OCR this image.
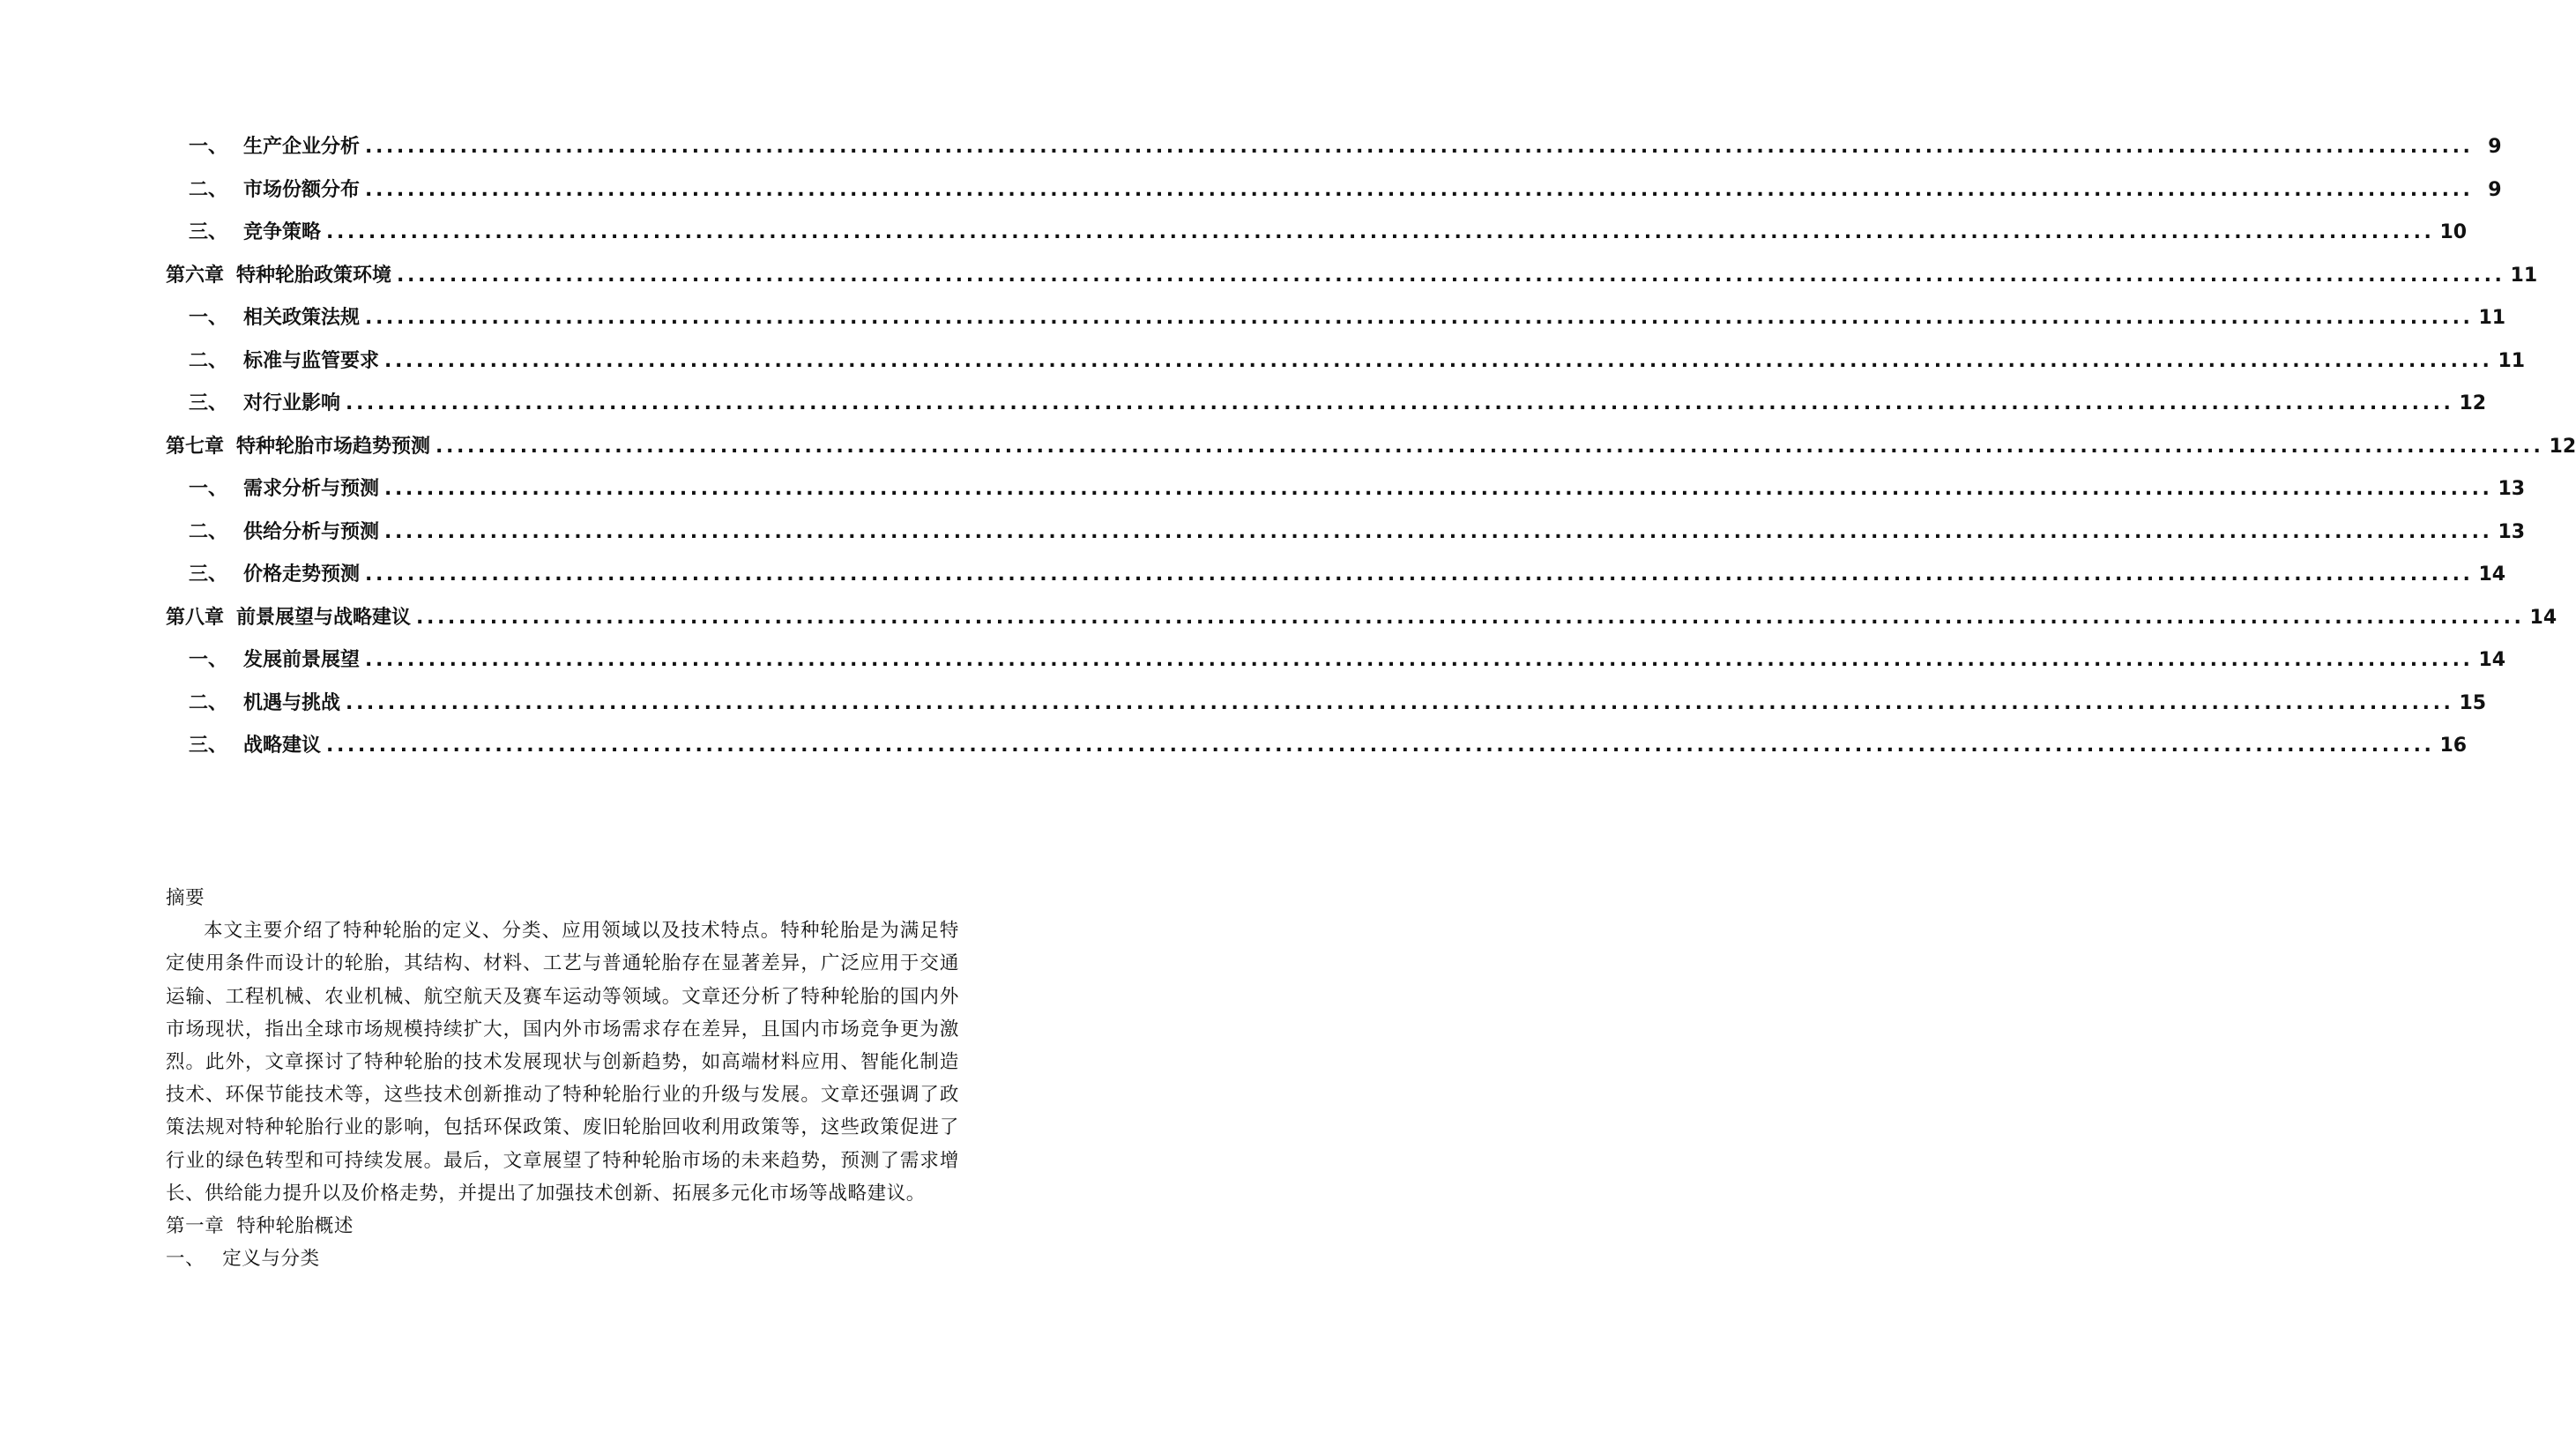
一、 生产企业分析 ........................................................................................................................................................................................................ 9
二、 市场份额分布 ........................................................................................................................................................................................................ 9
三、 竞争策略 ........................................................................................................................................................................................................ 10
第六章 特种轮胎政策环境 ........................................................................................................................................................................................................ 11
一、 相关政策法规 ........................................................................................................................................................................................................ 11
二、 标准与监管要求 ........................................................................................................................................................................................................ 11
三、 对行业影响 ........................................................................................................................................................................................................ 12
第七章 特种轮胎市场趋势预测 ........................................................................................................................................................................................................ 12
一、 需求分析与预测 ........................................................................................................................................................................................................ 13
二、 供给分析与预测 ........................................................................................................................................................................................................ 13
三、 价格走势预测 ........................................................................................................................................................................................................ 14
第八章 前景展望与战略建议 ........................................................................................................................................................................................................ 14
一、 发展前景展望 ........................................................................................................................................................................................................ 14
二、 机遇与挑战 ........................................................................................................................................................................................................ 15
三、 战略建议 ........................................................................................................................................................................................................ 16

摘要

本文主要介绍了特种轮胎的定义、分类、应用领域以及技术特点。特种轮胎是为满足特定使用条件而设计的轮胎，其结构、材料、工艺与普通轮胎存在显著差异，广泛应用于交通运输、工程机械、农业机械、航空航天及赛车运动等领域。文章还分析了特种轮胎的国内外市场现状，指出全球市场规模持续扩大，国内外市场需求存在差异，且国内市场竞争更为激烈。此外，文章探讨了特种轮胎的技术发展现状与创新趋势，如高端材料应用、智能化制造技术、环保节能技术等，这些技术创新推动了特种轮胎行业的升级与发展。文章还强调了政策法规对特种轮胎行业的影响，包括环保政策、废旧轮胎回收利用政策等，这些政策促进了行业的绿色转型和可持续发展。最后，文章展望了特种轮胎市场的未来趋势，预测了需求增长、供给能力提升以及价格走势，并提出了加强技术创新、拓展多元化市场等战略建议。

第一章 特种轮胎概述

一、 定义与分类
